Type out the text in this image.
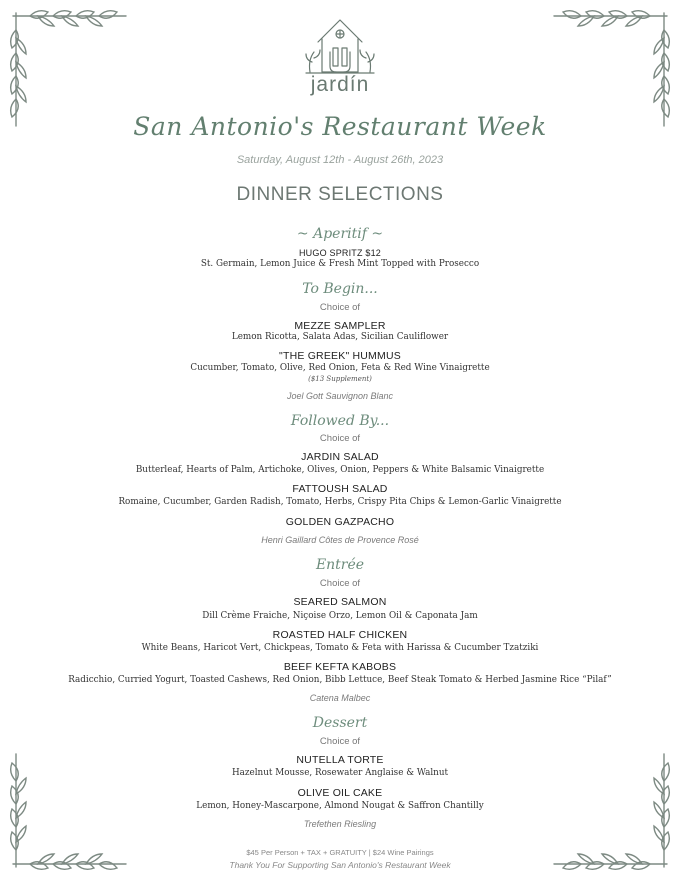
jardín
San Antonio's Restaurant Week
Saturday, August 12th - August 26th, 2023
DINNER SELECTIONS
~ Aperitif ~
HUGO SPRITZ $12
St. Germain, Lemon Juice & Fresh Mint Topped with Prosecco
To Begin...
Choice of
MEZZE SAMPLER
Lemon Ricotta, Salata Adas, Sicilian Cauliflower
"THE GREEK" HUMMUS
Cucumber, Tomato, Olive, Red Onion, Feta & Red Wine Vinaigrette
($13 Supplement)
Joel Gott Sauvignon Blanc
Followed By...
Choice of
JARDIN SALAD
Butterleaf, Hearts of Palm, Artichoke, Olives, Onion, Peppers & White Balsamic Vinaigrette
FATTOUSH SALAD
Romaine, Cucumber, Garden Radish, Tomato, Herbs, Crispy Pita Chips & Lemon-Garlic Vinaigrette
GOLDEN GAZPACHO
Henri Gaillard Côtes de Provence Rosé
Entrée
Choice of
SEARED SALMON
Dill Crème Fraiche, Niçoise Orzo, Lemon Oil & Caponata Jam
ROASTED HALF CHICKEN
White Beans, Haricot Vert, Chickpeas, Tomato & Feta with Harissa & Cucumber Tzatziki
BEEF KEFTA KABOBS
Radicchio, Curried Yogurt, Toasted Cashews, Red Onion, Bibb Lettuce, Beef Steak Tomato & Herbed Jasmine Rice “Pilaf”
Catena Malbec
Dessert
Choice of
NUTELLA TORTE
Hazelnut Mousse, Rosewater Anglaise & Walnut
OLIVE OIL CAKE
Lemon, Honey-Mascarpone, Almond Nougat & Saffron Chantilly
Trefethen Riesling
$45 Per Person + TAX + GRATUITY | $24 Wine Pairings
Thank You For Supporting San Antonio's Restaurant Week
